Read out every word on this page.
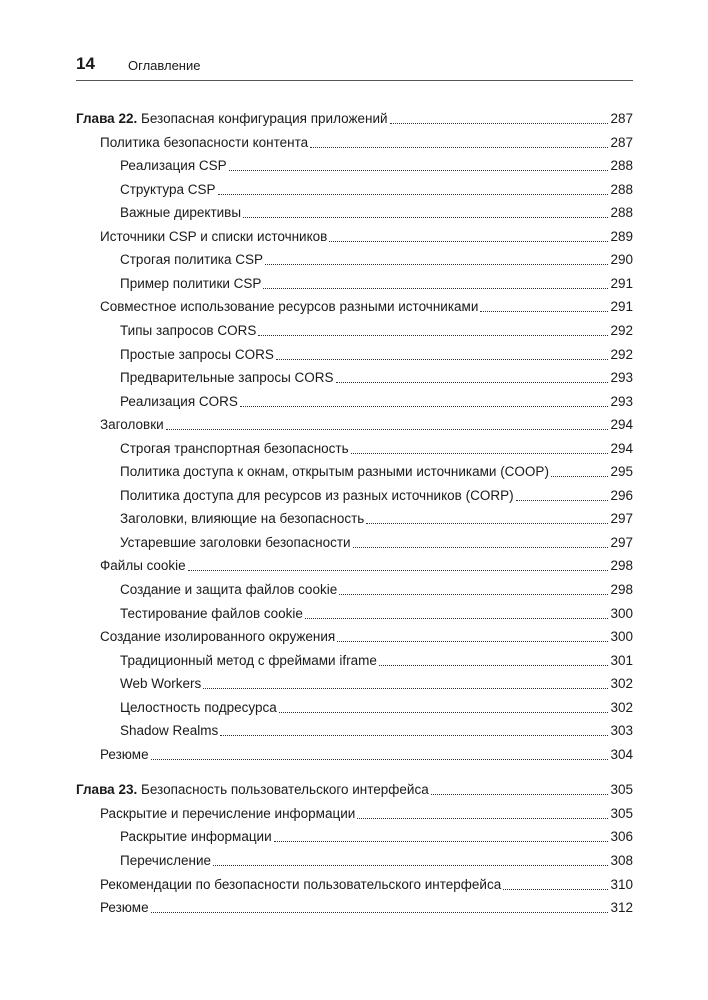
14	Оглавление
Глава 22. Безопасная конфигурация приложений	287
Политика безопасности контента	287
Реализация CSP	288
Структура CSP	288
Важные директивы	288
Источники CSP и списки источников	289
Строгая политика CSP	290
Пример политики CSP	291
Совместное использование ресурсов разными источниками	291
Типы запросов CORS	292
Простые запросы CORS	292
Предварительные запросы CORS	293
Реализация CORS	293
Заголовки	294
Строгая транспортная безопасность	294
Политика доступа к окнам, открытым разными источниками (COOP)	295
Политика доступа для ресурсов из разных источников (CORP)	296
Заголовки, влияющие на безопасность	297
Устаревшие заголовки безопасности	297
Файлы cookie	298
Создание и защита файлов cookie	298
Тестирование файлов cookie	300
Создание изолированного окружения	300
Традиционный метод с фреймами iframe	301
Web Workers	302
Целостность подресурса	302
Shadow Realms	303
Резюме	304
Глава 23. Безопасность пользовательского интерфейса	305
Раскрытие и перечисление информации	305
Раскрытие информации	306
Перечисление	308
Рекомендации по безопасности пользовательского интерфейса	310
Резюме	312
